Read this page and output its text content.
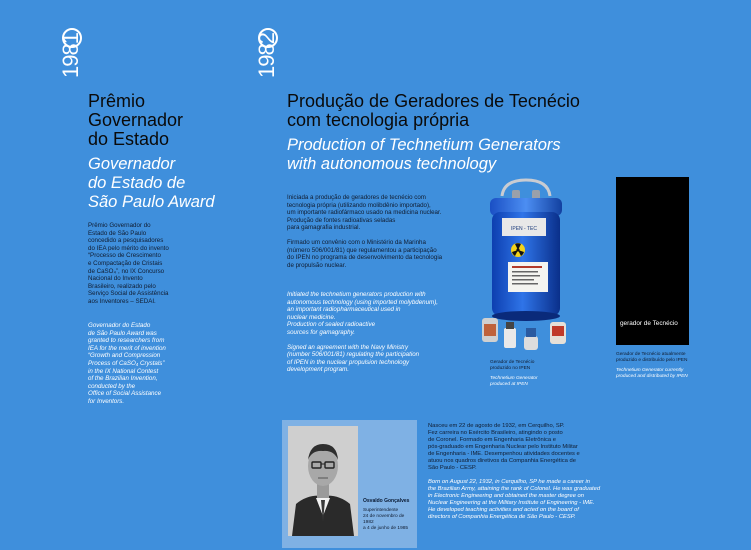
1981	1982
Prêmio
Governador
do Estado
Governador
do Estado de
São Paulo Award
Prêmio Governador do
Estado de São Paulo
concedido a pesquisadores
do IEA pelo mérito do invento
“Processo de Crescimento
e Compactação de Cristais
de CaSO₄”, no IX Concurso
Nacional do Invento
Brasileiro, realizado pelo
Serviço Social de Assistência
aos Inventores – SEDAI.
Governador do Estado
de São Paulo Award was
granted to researchers from
IEA for the merit of invention
“Growth and Compression
Process of CaSO₄ Crystals”
in the IX National Contest
of the Brazilian Invention,
conducted by the
Office of Social Assistance
for Inventors.
Produção de Geradores de Tecnécio
com tecnologia própria
Production of Technetium Generators
with autonomous technology
Iniciada a produção de geradores de tecnécio com
tecnologia própria (utilizando molibdênio importado),
um importante radiofármaco usado na medicina nuclear.
Produção de fontes radioativas seladas
para gamagrafia industrial.
Firmado um convênio com o Ministério da Marinha
(número 506/001/81) que regulamentou a participação
do IPEN no programa de desenvolvimento da tecnologia
de propulsão nuclear.
Initiated the technetium generators production with
autonomous technology (using imported molybdenum),
an important radiopharmaceutical used in
nuclear medicine.
Production of sealed radioactive
sources for gamagraphy.
Signed an agreement with the Navy Ministry
(number 506/001/81) regulating the participation
of IPEN in the nuclear propulsion technology
development program.
IPEN - TEC
Gerador de Tecnécio
produzido no IPEN
Technetium Generator
produced at IPEN
gerador de Tecnécio
Gerador de Tecnécio atualmente
produzido e distribuído pelo IPEN
Technetium Generator currently
produced and distributed by IPEN
Osvaldo Gonçalves
Superintendente
24 de novembro de 1982
a 4 de junho de 1985
Nasceu em 22 de agosto de 1932, em Cerquilho, SP.
Fez carreira no Exército Brasileiro, atingindo o posto
de Coronel. Formado em Engenharia Eletrônica e
pós-graduado em Engenharia Nuclear pelo Instituto Militar
de Engenharia - IME. Desempenhou atividades docentes e
atuou nos quadros diretivos da Companhia Energética de
São Paulo - CESP.
Born on August 22, 1932, in Cerquilho, SP he made a career in
the Brazilian Army, attaining the rank of Colonel. He was graduated
in Electronic Engineering and obtained the master degree on
Nuclear Engineering at the Military Institute of Engineering - IME.
He developed teaching activities and acted on the board of
directors of Companhia Energética de São Paulo - CESP.
